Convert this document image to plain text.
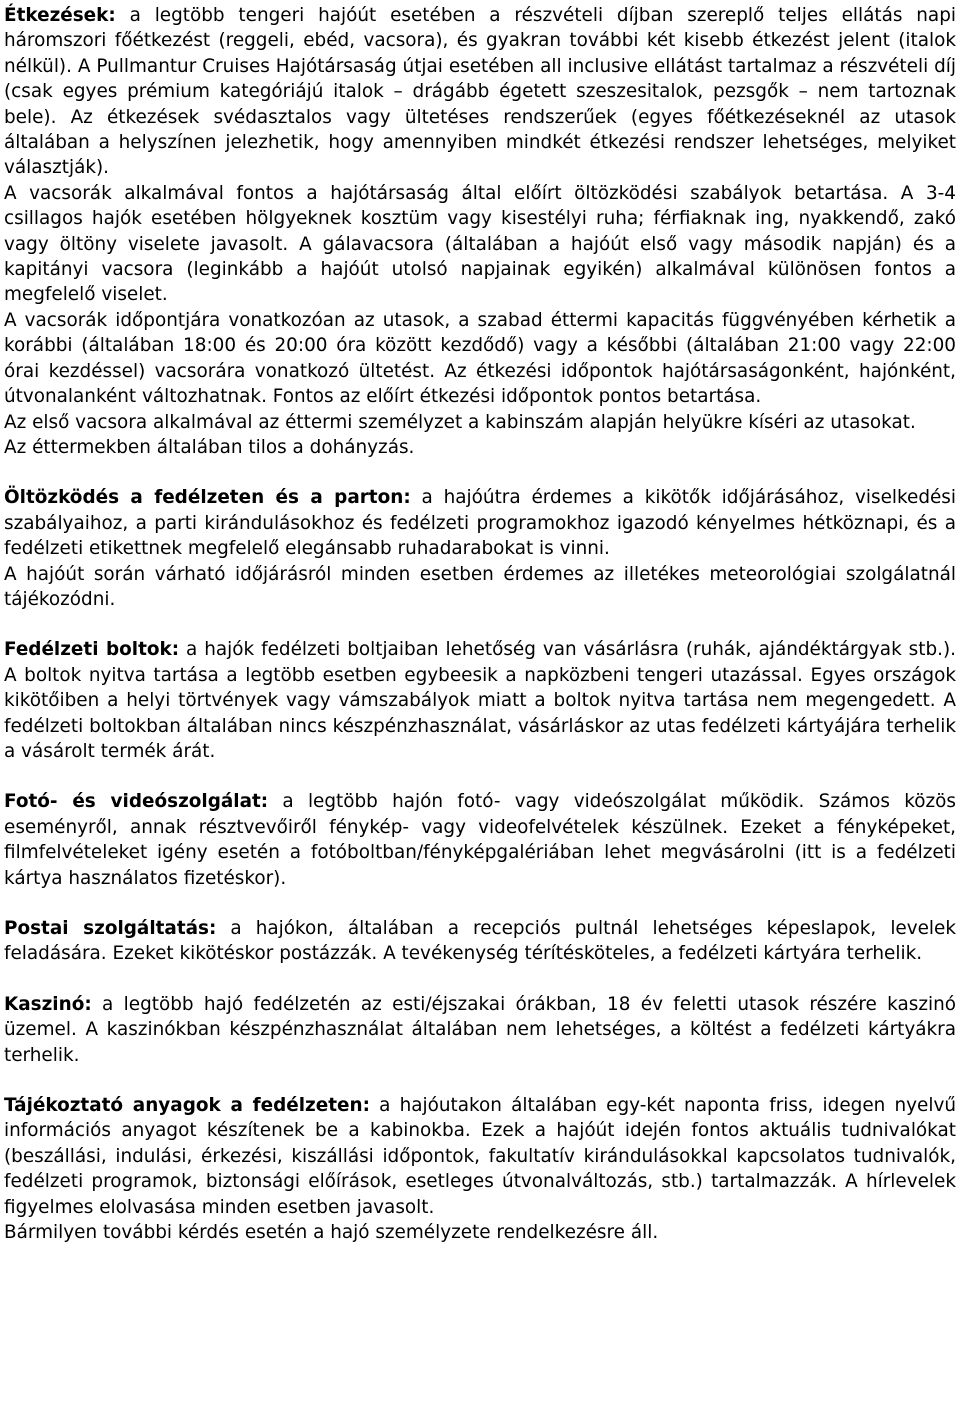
Étkezések: a legtöbb tengeri hajóút esetében a részvételi díjban szereplő teljes ellátás napi háromszori főétkezést (reggeli, ebéd, vacsora), és gyakran további két kisebb étkezést jelent (italok nélkül). A Pullmantur Cruises Hajótársaság útjai esetében all inclusive ellátást tartalmaz a részvételi díj (csak egyes prémium kategóriájú italok – drágább égetett szeszesitalok, pezsgők – nem tartoznak bele). Az étkezések svédasztalos vagy ültetéses rendszerűek (egyes főétkezéseknél az utasok általában a helyszínen jelezhetik, hogy amennyiben mindkét étkezési rendszer lehetséges, melyiket választják).

A vacsorák alkalmával fontos a hajótársaság által előírt öltözködési szabályok betartása. A 3-4 csillagos hajók esetében hölgyeknek kosztüm vagy kisestélyi ruha; férfiaknak ing, nyakkendő, zakó vagy öltöny viselete javasolt. A gálavacsora (általában a hajóút első vagy második napján) és a kapitányi vacsora (leginkább a hajóút utolsó napjainak egyikén) alkalmával különösen fontos a megfelelő viselet.

A vacsorák időpontjára vonatkozóan az utasok, a szabad éttermi kapacitás függvényében kérhetik a korábbi (általában 18:00 és 20:00 óra között kezdődő) vagy a későbbi (általában 21:00 vagy 22:00 órai kezdéssel) vacsorára vonatkozó ültetést. Az étkezési időpontok hajótársaságonként, hajónként, útvonalanként változhatnak. Fontos az előírt étkezési időpontok pontos betartása.

Az első vacsora alkalmával az éttermi személyzet a kabinszám alapján helyükre kíséri az utasokat.

Az éttermekben általában tilos a dohányzás.

Öltözködés a fedélzeten és a parton: a hajóútra érdemes a kikötők időjárásához, viselkedési szabályaihoz, a parti kirándulásokhoz és fedélzeti programokhoz igazodó kényelmes hétköznapi, és a fedélzeti etikettnek megfelelő elegánsabb ruhadarabokat is vinni.

A hajóút során várható időjárásról minden esetben érdemes az illetékes meteorológiai szolgálatnál tájékozódni.

Fedélzeti boltok: a hajók fedélzeti boltjaiban lehetőség van vásárlásra (ruhák, ajándéktárgyak stb.). A boltok nyitva tartása a legtöbb esetben egybeesik a napközbeni tengeri utazással. Egyes országok kikötőiben a helyi törtvények vagy vámszabályok miatt a boltok nyitva tartása nem megengedett. A fedélzeti boltokban általában nincs készpénzhasználat, vásárláskor az utas fedélzeti kártyájára terhelik a vásárolt termék árát.

Fotó- és videószolgálat: a legtöbb hajón fotó- vagy videószolgálat működik. Számos közös eseményről, annak résztvevőiről fénykép- vagy videofelvételek készülnek. Ezeket a fényképeket, filmfelvételeket igény esetén a fotóboltban/fényképgalériában lehet megvásárolni (itt is a fedélzeti kártya használatos fizetéskor).

Postai szolgáltatás: a hajókon, általában a recepciós pultnál lehetséges képeslapok, levelek feladására. Ezeket kikötéskor postázzák. A tevékenység térítésköteles, a fedélzeti kártyára terhelik.

Kaszinó: a legtöbb hajó fedélzetén az esti/éjszakai órákban, 18 év feletti utasok részére kaszinó üzemel. A kaszinókban készpénzhasználat általában nem lehetséges, a költést a fedélzeti kártyákra terhelik.

Tájékoztató anyagok a fedélzeten: a hajóutakon általában egy-két naponta friss, idegen nyelvű információs anyagot készítenek be a kabinokba. Ezek a hajóút idején fontos aktuális tudnivalókat (beszállási, indulási, érkezési, kiszállási időpontok, fakultatív kirándulásokkal kapcsolatos tudnivalók, fedélzeti programok, biztonsági előírások, esetleges útvonalváltozás, stb.) tartalmazzák. A hírlevelek figyelmes elolvasása minden esetben javasolt.

Bármilyen további kérdés esetén a hajó személyzete rendelkezésre áll.
